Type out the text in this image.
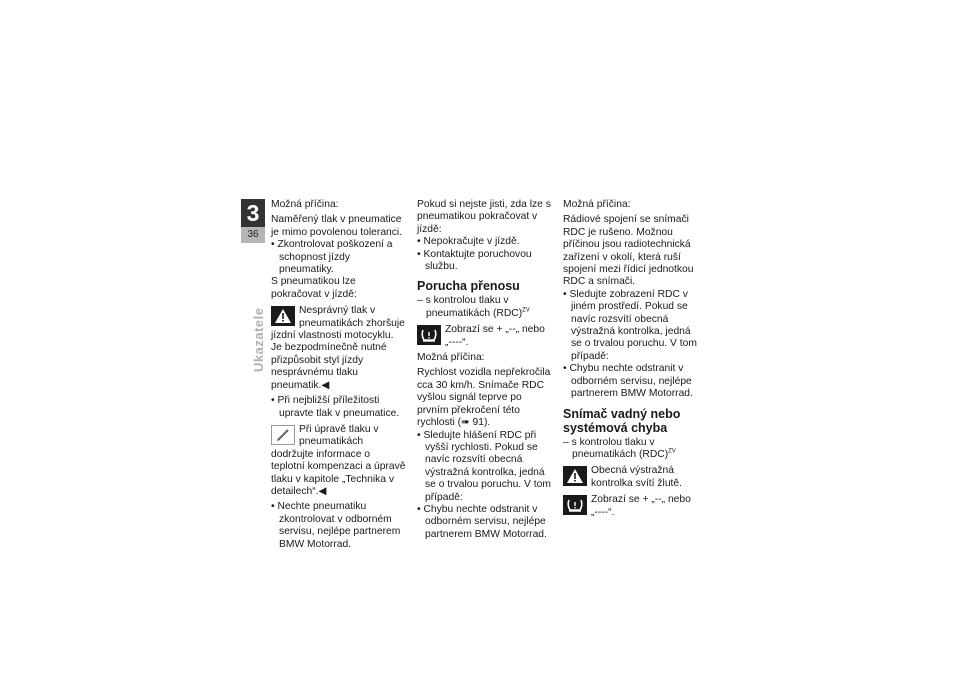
3
36
Ukazatele

Možná příčina:

Naměřený tlak v pneumatice je mimo povolenou toleranci.

• Zkontrolovat poškození a schopnost jízdy pneumatiky.

S pneumatikou lze pokračovat v jízdě:

Nesprávný tlak v pneumatikách zhoršuje jízdní vlastnosti motocyklu. Je bezpodmínečně nutné přizpůsobit styl jízdy nesprávnému tlaku pneumatik.◀

• Při nejbližší příležitosti upravte tlak v pneumatice.

Při úpravě tlaku v pneumatikách dodržujte informace o teplotní kompenzaci a úpravě tlaku v kapitole „Technika v detailech“.◀

• Nechte pneumatiku zkontrolovat v odborném servisu, nejlépe partnerem BMW Motorrad.

Pokud si nejste jisti, zda lze s pneumatikou pokračovat v jízdě:

• Nepokračujte v jízdě.

• Kontaktujte poruchovou službu.

Porucha přenosu

– s kontrolou tlaku v pneumatikách (RDC)$^{ZV}$

Zobrazí se + „--„ nebo „----“.

Možná příčina:

Rychlost vozidla nepřekročila cca 30 km/h. Snímače RDC vyšlou signál teprve po prvním překročení této rychlosti (➠ 91).

• Sledujte hlášení RDC při vyšší rychlosti. Pokud se navíc rozsvítí obecná výstražná kontrolka, jedná se o trvalou poruchu. V tom případě:

• Chybu nechte odstranit v odborném servisu, nejlépe partnerem BMW Motorrad.

Možná příčina:

Rádiové spojení se snímači RDC je rušeno. Možnou příčinou jsou radiotechnická zařízení v okolí, která ruší spojení mezi řídicí jednotkou RDC a snímači.

• Sledujte zobrazení RDC v jiném prostředí. Pokud se navíc rozsvítí obecná výstražná kontrolka, jedná se o trvalou poruchu. V tom případě:

• Chybu nechte odstranit v odborném servisu, nejlépe partnerem BMW Motorrad.

Snímač vadný nebo systémová chyba

– s kontrolou tlaku v pneumatikách (RDC)$^{ZV}$

Obecná výstražná kontrolka svítí žlutě.

Zobrazí se + „--„ nebo „----“.
